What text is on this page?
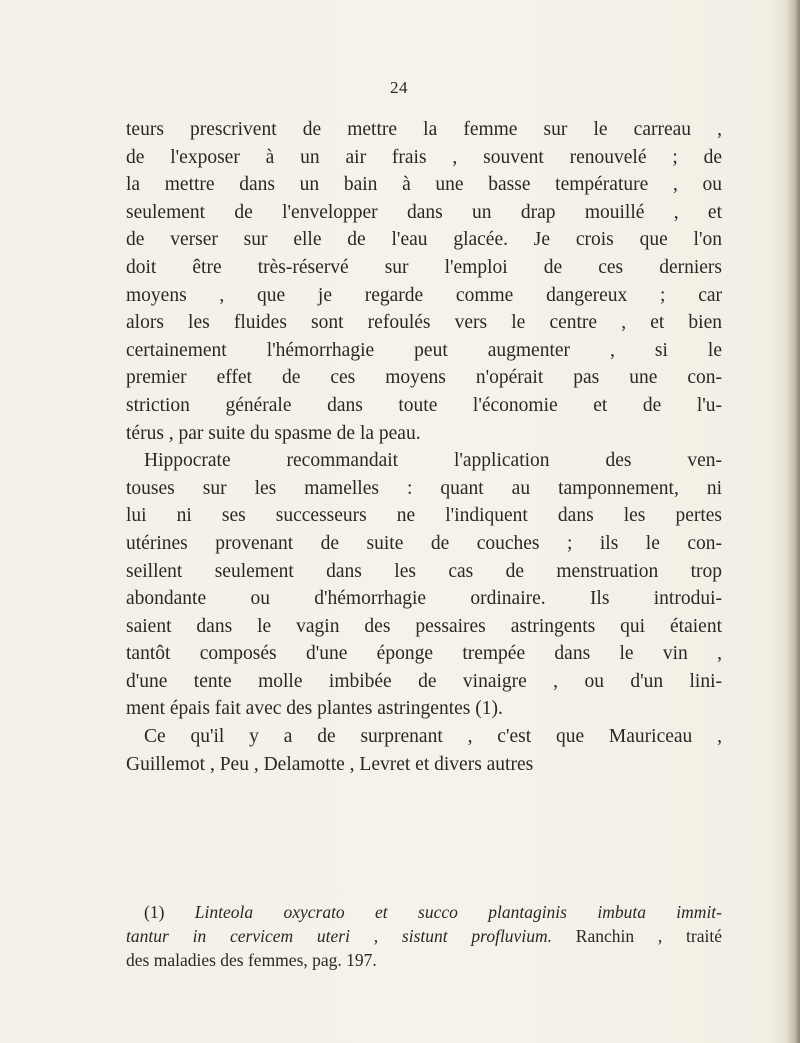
24
teurs prescrivent de mettre la femme sur le carreau ,
de l'exposer à un air frais , souvent renouvelé ; de
la mettre dans un bain à une basse température , ou
seulement de l'envelopper dans un drap mouillé , et
de verser sur elle de l'eau glacée. Je crois que l'on
doit être très-réservé sur l'emploi de ces derniers
moyens , que je regarde comme dangereux ; car
alors les fluides sont refoulés vers le centre , et bien
certainement l'hémorrhagie peut augmenter , si le
premier effet de ces moyens n'opérait pas une con-
striction générale dans toute l'économie et de l'u-
térus , par suite du spasme de la peau.
Hippocrate recommandait l'application des ven-
touses sur les mamelles : quant au tamponnement, ni
lui ni ses successeurs ne l'indiquent dans les pertes
utérines provenant de suite de couches ; ils le con-
seillent seulement dans les cas de menstruation trop
abondante ou d'hémorrhagie ordinaire. Ils introdui-
saient dans le vagin des pessaires astringents qui étaient
tantôt composés d'une éponge trempée dans le vin ,
d'une tente molle imbibée de vinaigre , ou d'un lini-
ment épais fait avec des plantes astringentes (1).
Ce qu'il y a de surprenant , c'est que Mauriceau ,
Guillemot , Peu , Delamotte , Levret et divers autres
(1) Linteola oxycrato et succo plantaginis imbuta immit-
tantur in cervicem uteri , sistunt profluvium. Ranchin , traité
des maladies des femmes, pag. 197.
